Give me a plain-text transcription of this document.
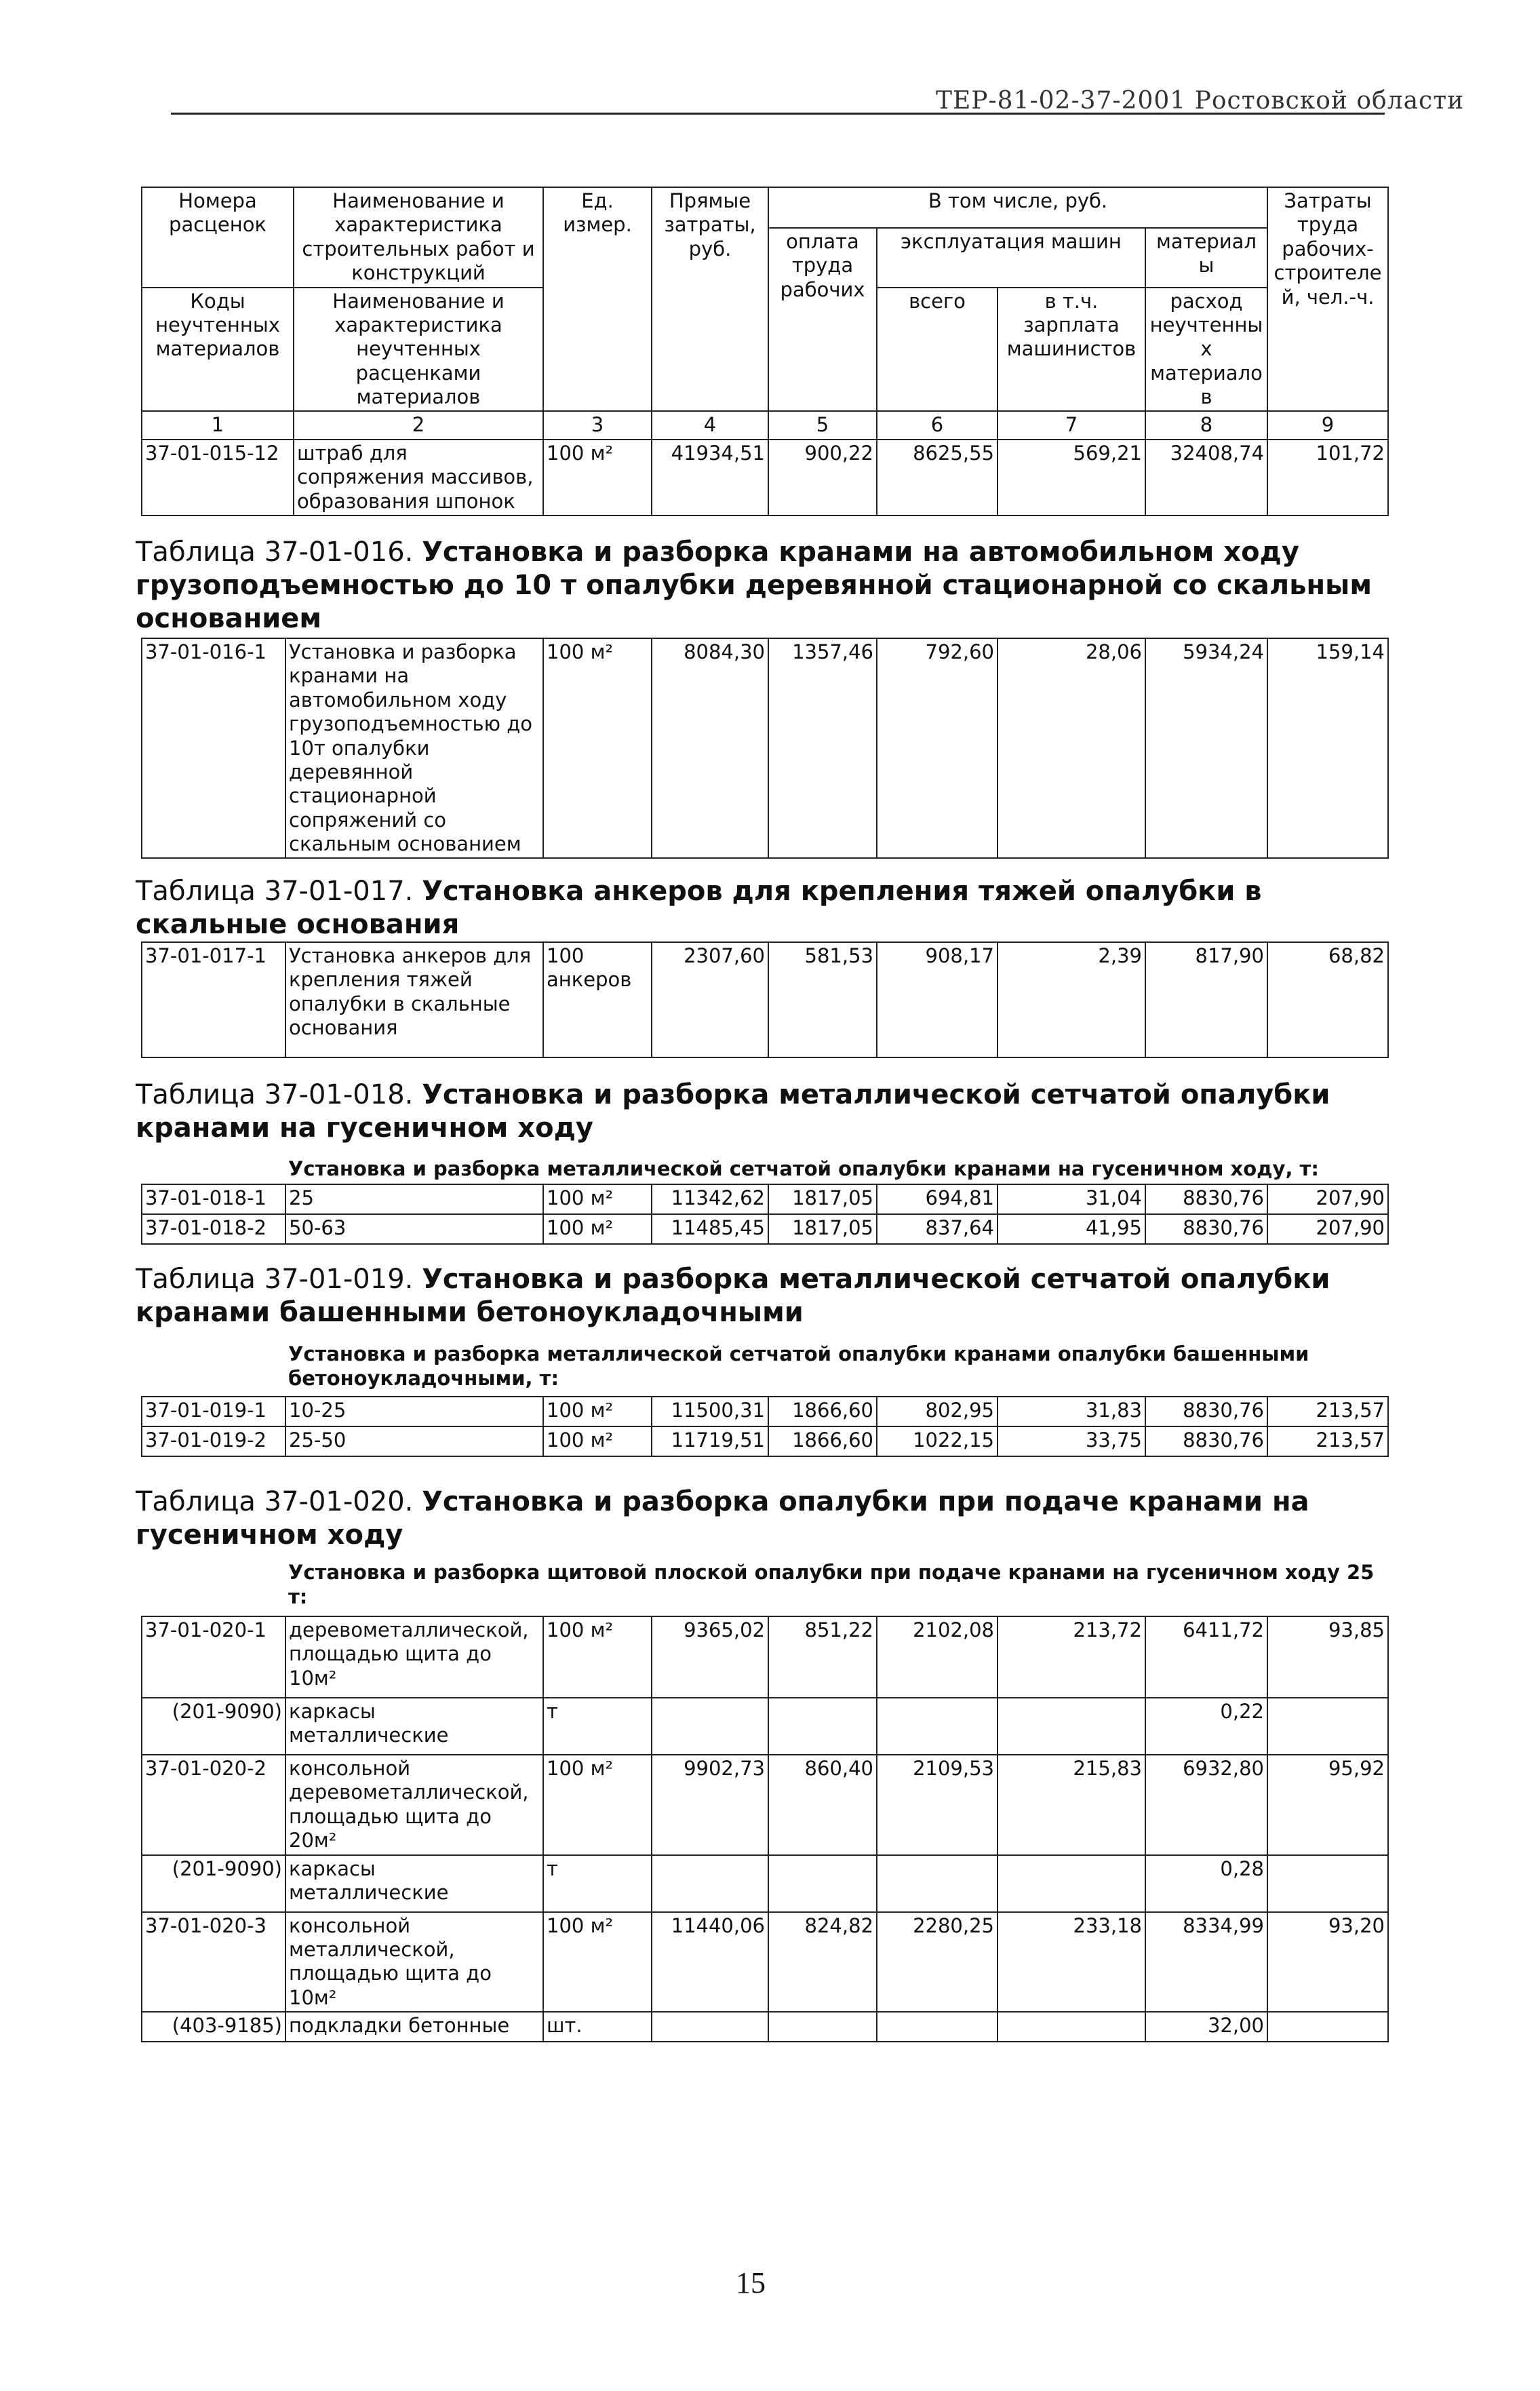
ТЕР-81-02-37-2001 Ростовской области
Номера расценок	Наименование и характеристика строительных работ и конструкций	Ед. измер.	Прямые затраты, руб.	В том числе, руб.				Затраты труда рабочих-строителей, чел.-ч.
				оплата труда рабочих	эксплуатация машин		материалы	
Коды неучтенных материалов	Наименование и характеристика неучтенных расценками материалов				всего	в т.ч. зарплата машинистов	расход неучтенных материалов	

1	2	3	4	5	6	7	8	9
37-01-015-12	штраб для сопряжения массивов, образования шпонок	100 м²	41934,51	900,22	8625,55	569,21	32408,74	101,72
Таблица 37-01-016. Установка и разборка кранами на автомобильном ходу грузоподъемностью до 10 т опалубки деревянной стационарной со скальным основанием
37-01-016-1	Установка и разборка кранами на автомобильном ходу грузоподъемностью до 10т опалубки деревянной стационарной сопряжений со скальным основанием	100 м²	8084,30	1357,46	792,60	28,06	5934,24	159,14
Таблица 37-01-017. Установка анкеров для крепления тяжей опалубки в скальные основания
37-01-017-1	Установка анкеров для крепления тяжей опалубки в скальные основания	100 анкеров	2307,60	581,53	908,17	2,39	817,90	68,82
Таблица 37-01-018. Установка и разборка металлической сетчатой опалубки кранами на гусеничном ходу
Установка и разборка металлической сетчатой опалубки кранами на гусеничном ходу, т:
37-01-018-1	25	100 м²	11342,62	1817,05	694,81	31,04	8830,76	207,90
37-01-018-2	50-63	100 м²	11485,45	1817,05	837,64	41,95	8830,76	207,90
Таблица 37-01-019. Установка и разборка металлической сетчатой опалубки кранами башенными бетоноукладочными
Установка и разборка металлической сетчатой опалубки кранами опалубки башенными бетоноукладочными, т:
37-01-019-1	10-25	100 м²	11500,31	1866,60	802,95	31,83	8830,76	213,57
37-01-019-2	25-50	100 м²	11719,51	1866,60	1022,15	33,75	8830,76	213,57
Таблица 37-01-020. Установка и разборка опалубки при подаче кранами на гусеничном ходу
Установка и разборка щитовой плоской опалубки при подаче кранами на гусеничном ходу 25 т:
37-01-020-1	деревометаллической, площадью щита до 10м²	100 м²	9365,02	851,22	2102,08	213,72	6411,72	93,85
(201-9090)	каркасы металлические	т					0,22	
37-01-020-2	консольной деревометаллической, площадью щита до 20м²	100 м²	9902,73	860,40	2109,53	215,83	6932,80	95,92
(201-9090)	каркасы металлические	т					0,28	
37-01-020-3	консольной металлической, площадью щита до 10м²	100 м²	11440,06	824,82	2280,25	233,18	8334,99	93,20
(403-9185)	подкладки бетонные	шт.					32,00	
15
